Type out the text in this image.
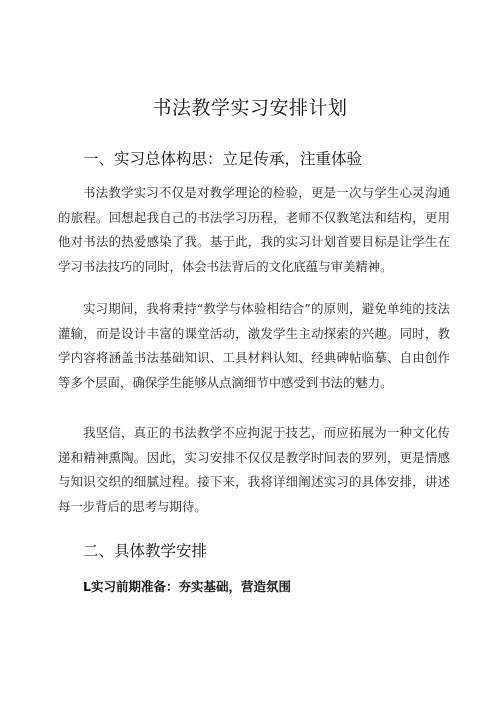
书法教学实习安排计划
一、实习总体构思：立足传承，注重体验

书法教学实习不仅是对教学理论的检验，更是一次与学生心灵沟通的旅程。回想起我自己的书法学习历程，老师不仅教笔法和结构，更用他对书法的热爱感染了我。基于此，我的实习计划首要目标是让学生在学习书法技巧的同时，体会书法背后的文化底蕴与审美精神。

实习期间，我将秉持“教学与体验相结合”的原则，避免单纯的技法灌输，而是设计丰富的课堂活动，激发学生主动探索的兴趣。同时，教学内容将涵盖书法基础知识、工具材料认知、经典碑帖临摹、自由创作等多个层面，确保学生能够从点滴细节中感受到书法的魅力。

我坚信，真正的书法教学不应拘泥于技艺，而应拓展为一种文化传递和精神熏陶。因此，实习安排不仅仅是教学时间表的罗列，更是情感与知识交织的细腻过程。接下来，我将详细阐述实习的具体安排，讲述每一步背后的思考与期待。

二、具体教学安排
L实习前期准备：夯实基础，营造氛围
